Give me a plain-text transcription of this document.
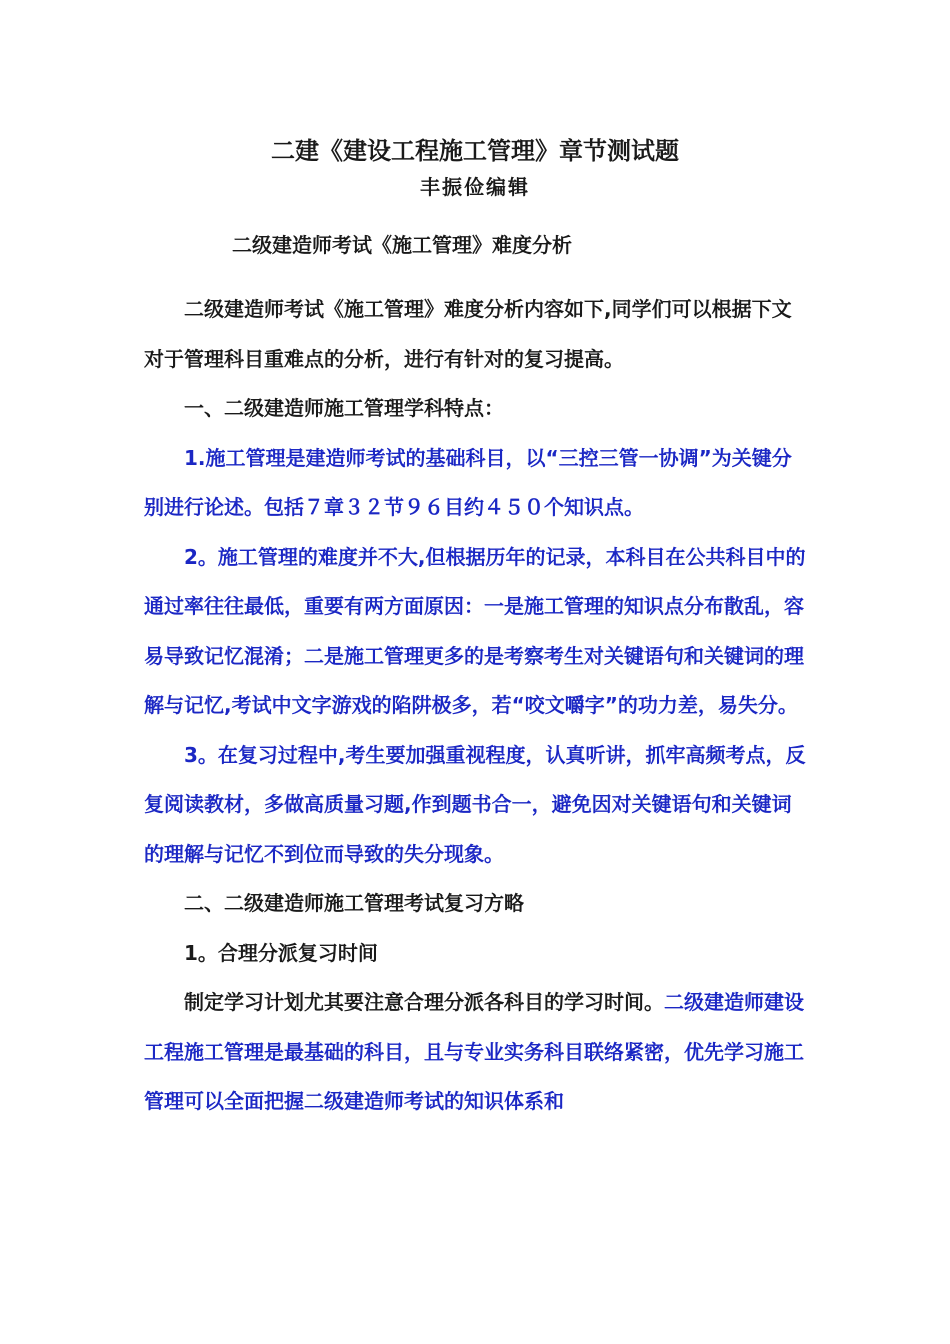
二建《建设工程施工管理》章节测试题
丰振俭编辑
二级建造师考试《施工管理》难度分析

二级建造师考试《施工管理》难度分析内容如下,同学们可以根据下文对于管理科目重难点的分析，进行有针对的复习提高。

一、二级建造师施工管理学科特点：

1.施工管理是建造师考试的基础科目，以“三控三管一协调”为关键分别进行论述。包括７章３２节９６目约４５０个知识点。

2。施工管理的难度并不大,但根据历年的记录，本科目在公共科目中的通过率往往最低，重要有两方面原因：一是施工管理的知识点分布散乱，容易导致记忆混淆；二是施工管理更多的是考察考生对关键语句和关键词的理解与记忆,考试中文字游戏的陷阱极多，若“咬文嚼字”的功力差，易失分。

3。在复习过程中,考生要加强重视程度，认真听讲，抓牢高频考点，反复阅读教材，多做高质量习题,作到题书合一，避免因对关键语句和关键词的理解与记忆不到位而导致的失分现象。

二、二级建造师施工管理考试复习方略

1。合理分派复习时间

制定学习计划尤其要注意合理分派各科目的学习时间。二级建造师建设工程施工管理是最基础的科目，且与专业实务科目联络紧密，优先学习施工管理可以全面把握二级建造师考试的知识体系和
